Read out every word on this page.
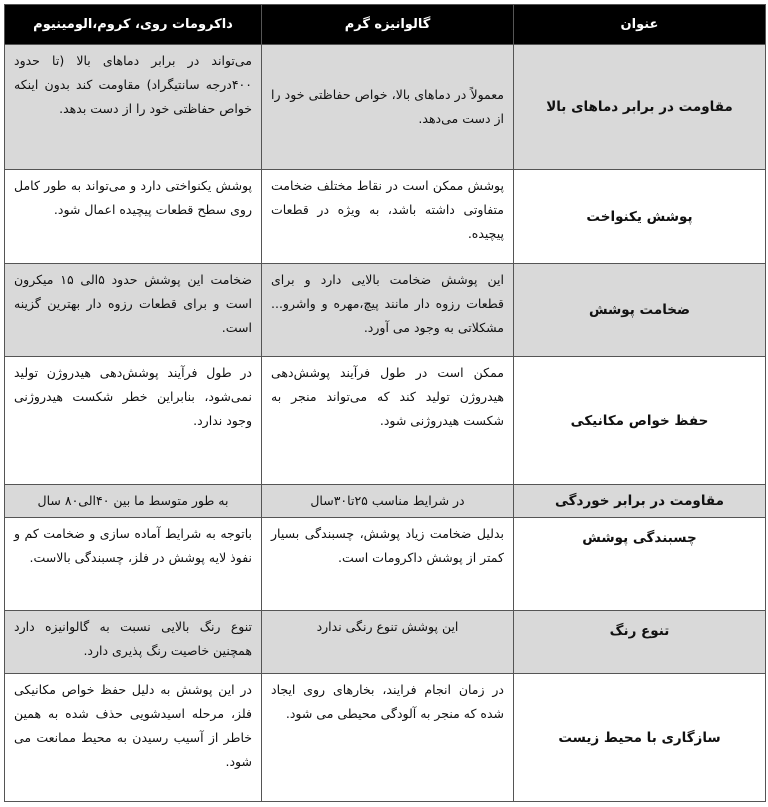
عنوان	گالوانیزه گرم	داکرومات روی، کروم،الومینیوم
مقاومت در برابر دماهای بالا	معمولاً در دماهای بالا، خواص حفاظتی خود را از دست می‌دهد.	می‌تواند در برابر دماهای بالا (تا حدود ۴۰۰درجه سانتیگراد) مقاومت کند بدون اینکه خواص حفاظتی خود را از دست بدهد.
پوشش یکنواخت	پوشش ممکن است در نقاط مختلف ضخامت متفاوتی داشته باشد، به ویژه در قطعات پیچیده.	پوشش یکنواختی دارد و می‌تواند به طور کامل روی سطح قطعات پیچیده اعمال شود.
ضخامت پوشش	این پوشش ضخامت بالایی دارد و برای قطعات رزوه دار مانند پیچ،مهره و واشرو... مشکلاتی به وجود می آورد.	ضخامت این پوشش حدود ۵الی ۱۵ میکرون است و برای قطعات رزوه دار بهترین گزینه است.
حفظ خواص مکانیکی	ممکن است در طول فرآیند پوشش‌دهی هیدروژن تولید کند که می‌تواند منجر به شکست هیدروژنی شود.	در طول فرآیند پوشش‌دهی هیدروژن تولید نمی‌شود، بنابراین خطر شکست هیدروژنی وجود ندارد.
مقاومت در برابر خوردگی	در شرایط مناسب ۲۵تا۳۰سال	به طور متوسط ما بین ۴۰الی۸۰ سال
چسبندگی پوشش	بدلیل ضخامت زیاد پوشش، چسبندگی بسیار کمتر از پوشش داکرومات است.	باتوجه به شرایط آماده سازی و ضخامت کم و نفوذ لایه پوشش در فلز، چسبندگی بالاست.
تنوع رنگ	این پوشش تنوع رنگی ندارد	تنوع رنگ بالایی نسبت به گالوانیزه دارد همچنین خاصیت رنگ پذیری دارد.
سازگاری با محیط زیست	در زمان انجام فرایند، بخارهای روی ایجاد شده که منجر به آلودگی محیطی می شود.	در این پوشش به دلیل حفظ خواص مکانیکی فلز، مرحله اسیدشویی حذف شده به همین خاطر از آسیب رسیدن به محیط ممانعت می شود.
